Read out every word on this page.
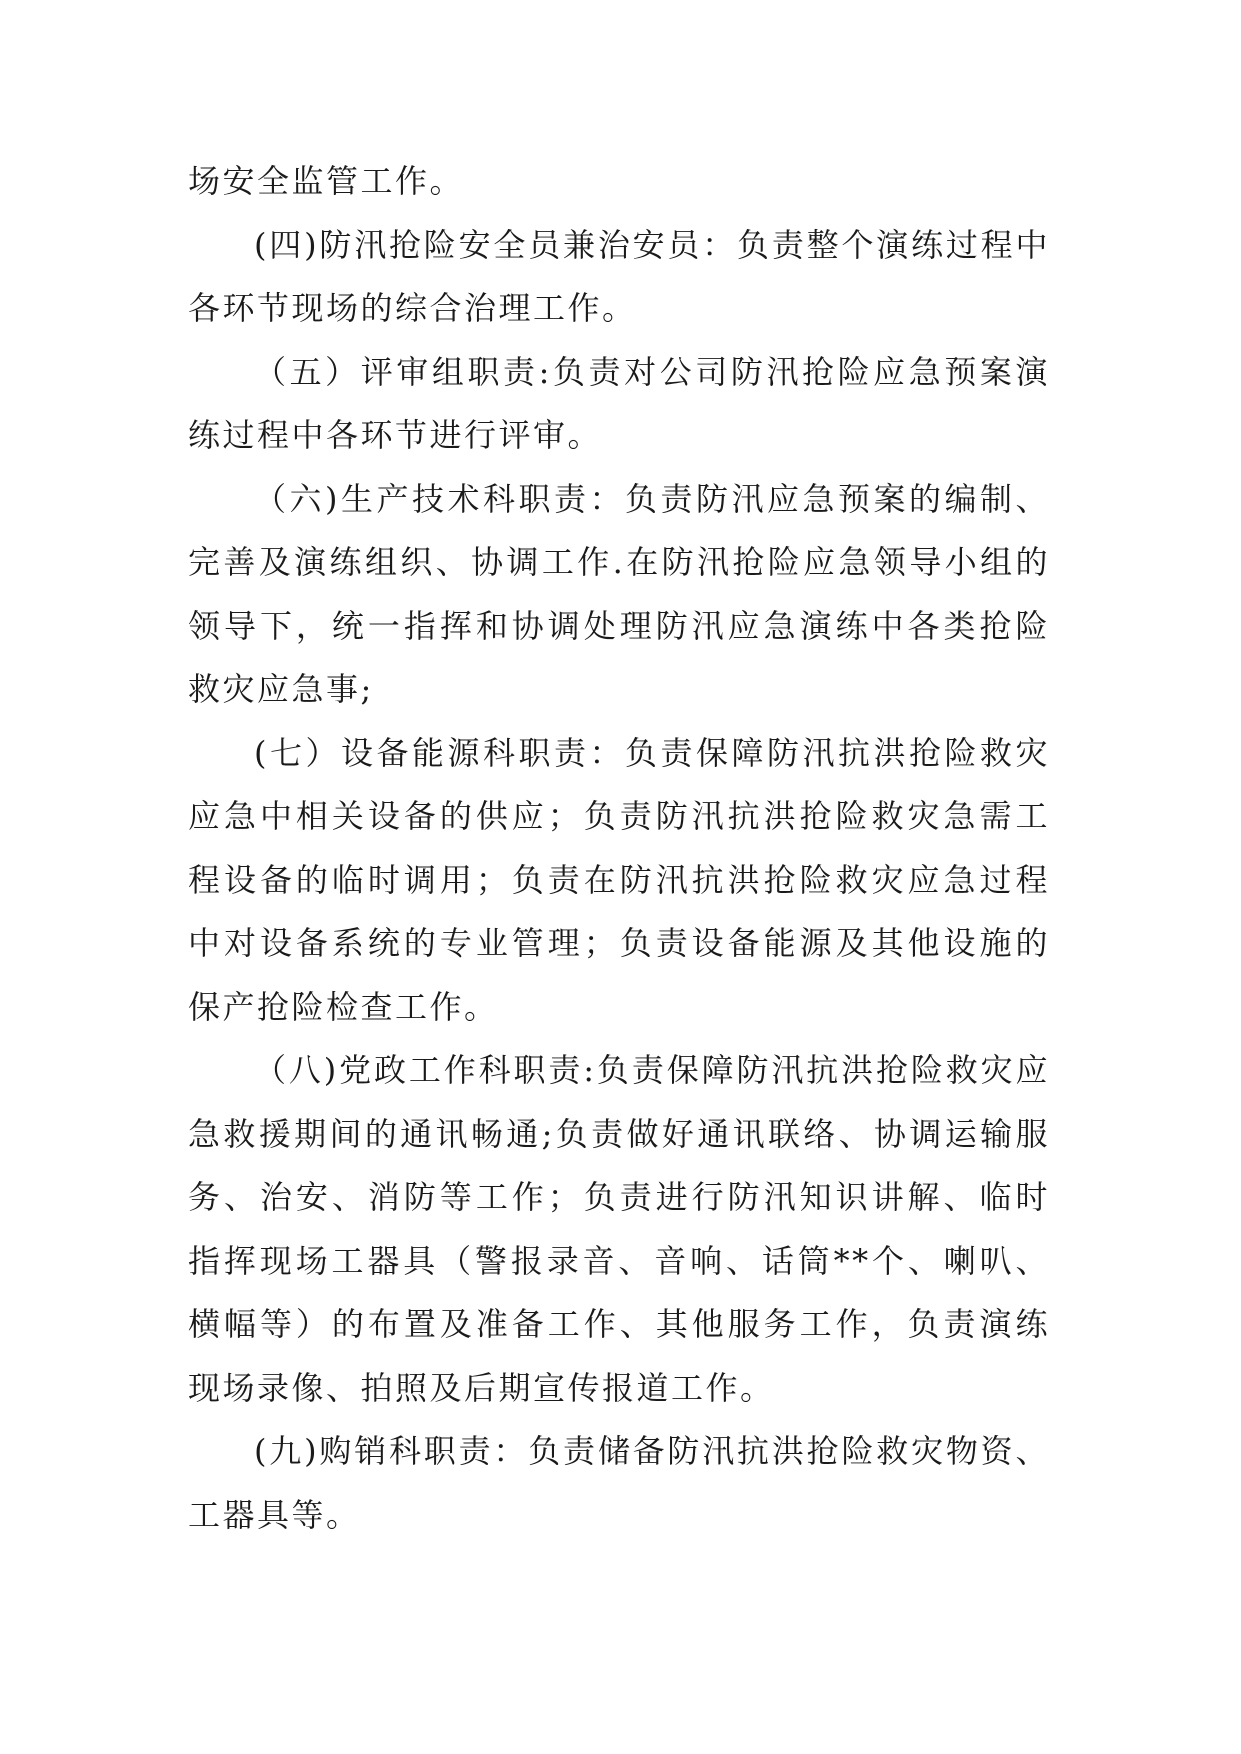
场安全监管工作。

(四)防汛抢险安全员兼治安员：负责整个演练过程中各环节现场的综合治理工作。

（五）评审组职责:负责对公司防汛抢险应急预案演练过程中各环节进行评审。

（六)生产技术科职责：负责防汛应急预案的编制、完善及演练组织、协调工作.在防汛抢险应急领导小组的领导下，统一指挥和协调处理防汛应急演练中各类抢险救灾应急事;

(七）设备能源科职责：负责保障防汛抗洪抢险救灾应急中相关设备的供应；负责防汛抗洪抢险救灾急需工程设备的临时调用；负责在防汛抗洪抢险救灾应急过程中对设备系统的专业管理；负责设备能源及其他设施的保产抢险检查工作。

（八)党政工作科职责:负责保障防汛抗洪抢险救灾应急救援期间的通讯畅通;负责做好通讯联络、协调运输服务、治安、消防等工作；负责进行防汛知识讲解、临时指挥现场工器具（警报录音、音响、话筒**个、喇叭、横幅等）的布置及准备工作、其他服务工作，负责演练现场录像、拍照及后期宣传报道工作。

(九)购销科职责：负责储备防汛抗洪抢险救灾物资、工器具等。
